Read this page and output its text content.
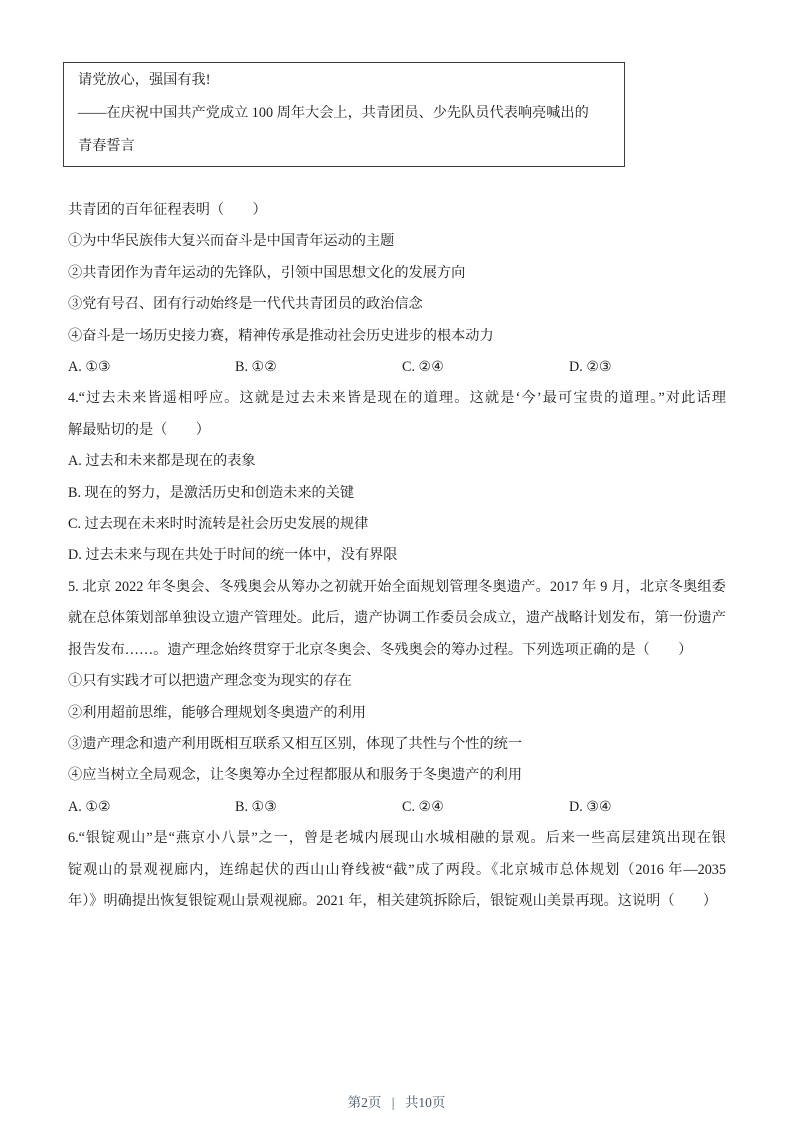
请党放心，强国有我!
——在庆祝中国共产党成立 100 周年大会上，共青团员、少先队员代表响亮喊出的
青春誓言
共青团的百年征程表明（　　）
①为中华民族伟大复兴而奋斗是中国青年运动的主题
②共青团作为青年运动的先锋队，引领中国思想文化的发展方向
③党有号召、团有行动始终是一代代共青团员的政治信念
④奋斗是一场历史接力赛，精神传承是推动社会历史进步的根本动力
A. ①③	B. ①②	C. ②④	D. ②③
4.“过去未来皆遥相呼应。这就是过去未来皆是现在的道理。这就是‘今’最可宝贵的道理。”对此话理
解最贴切的是（　　）
A. 过去和未来都是现在的表象
B. 现在的努力，是激活历史和创造未来的关键
C. 过去现在未来时时流转是社会历史发展的规律
D. 过去未来与现在共处于时间的统一体中，没有界限
5. 北京 2022 年冬奥会、冬残奥会从筹办之初就开始全面规划管理冬奥遗产。2017 年 9 月，北京冬奥组委
就在总体策划部单独设立遗产管理处。此后，遗产协调工作委员会成立，遗产战略计划发布，第一份遗产
报告发布……。遗产理念始终贯穿于北京冬奥会、冬残奥会的筹办过程。下列选项正确的是（　　）
①只有实践才可以把遗产理念变为现实的存在
②利用超前思维，能够合理规划冬奥遗产的利用
③遗产理念和遗产利用既相互联系又相互区别，体现了共性与个性的统一
④应当树立全局观念，让冬奥筹办全过程都服从和服务于冬奥遗产的利用
A. ①②	B. ①③	C. ②④	D. ③④
6.“银锭观山”是“燕京小八景”之一，曾是老城内展现山水城相融的景观。后来一些高层建筑出现在银
锭观山的景观视廊内，连绵起伏的西山山脊线被“截”成了两段。《北京城市总体规划（2016 年—2035
年）》明确提出恢复银锭观山景观视廊。2021 年，相关建筑拆除后，银锭观山美景再现。这说明（　　）
第2页 | 共10页
